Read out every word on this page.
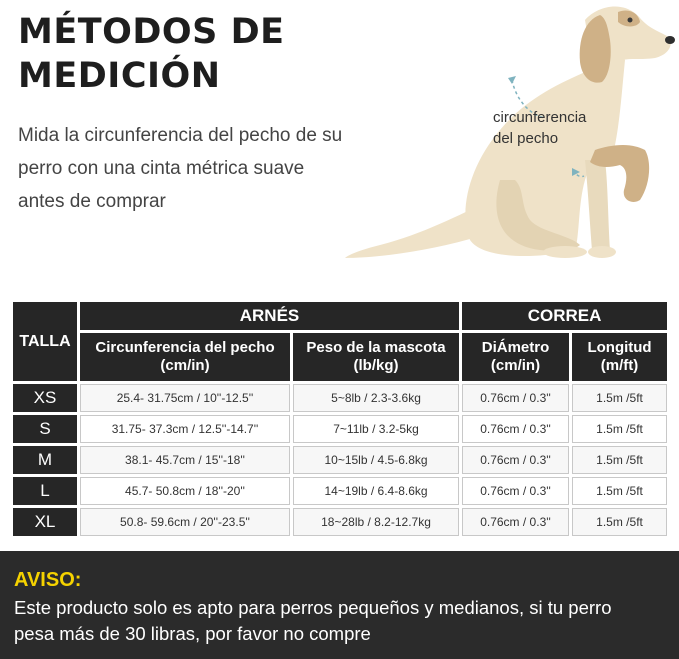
MÉTODOS DE
MEDICIÓN
Mida la circunferencia del pecho de su
perro con una cinta métrica suave
antes de comprar
circunferencia
del pecho
TALLA	ARNÉS		CORREA	
	Circunferencia del pecho (cm/in)	Peso de la mascota (lb/kg)	DiÁmetro (cm/in)	Longitud (m/ft)
XS	25.4- 31.75cm / 10''-12.5''	5~8lb / 2.3-3.6kg	0.76cm / 0.3''	1.5m /5ft
S	31.75- 37.3cm / 12.5''-14.7''	7~11lb / 3.2-5kg	0.76cm / 0.3''	1.5m /5ft
M	38.1- 45.7cm / 15''-18''	10~15lb / 4.5-6.8kg	0.76cm / 0.3''	1.5m /5ft
L	45.7- 50.8cm / 18''-20''	14~19lb / 6.4-8.6kg	0.76cm / 0.3''	1.5m /5ft
XL	50.8- 59.6cm / 20''-23.5''	18~28lb / 8.2-12.7kg	0.76cm / 0.3''	1.5m /5ft
AVISO:
Este producto solo es apto para perros pequeños y medianos, si tu perro
pesa más de 30 libras, por favor no compre
